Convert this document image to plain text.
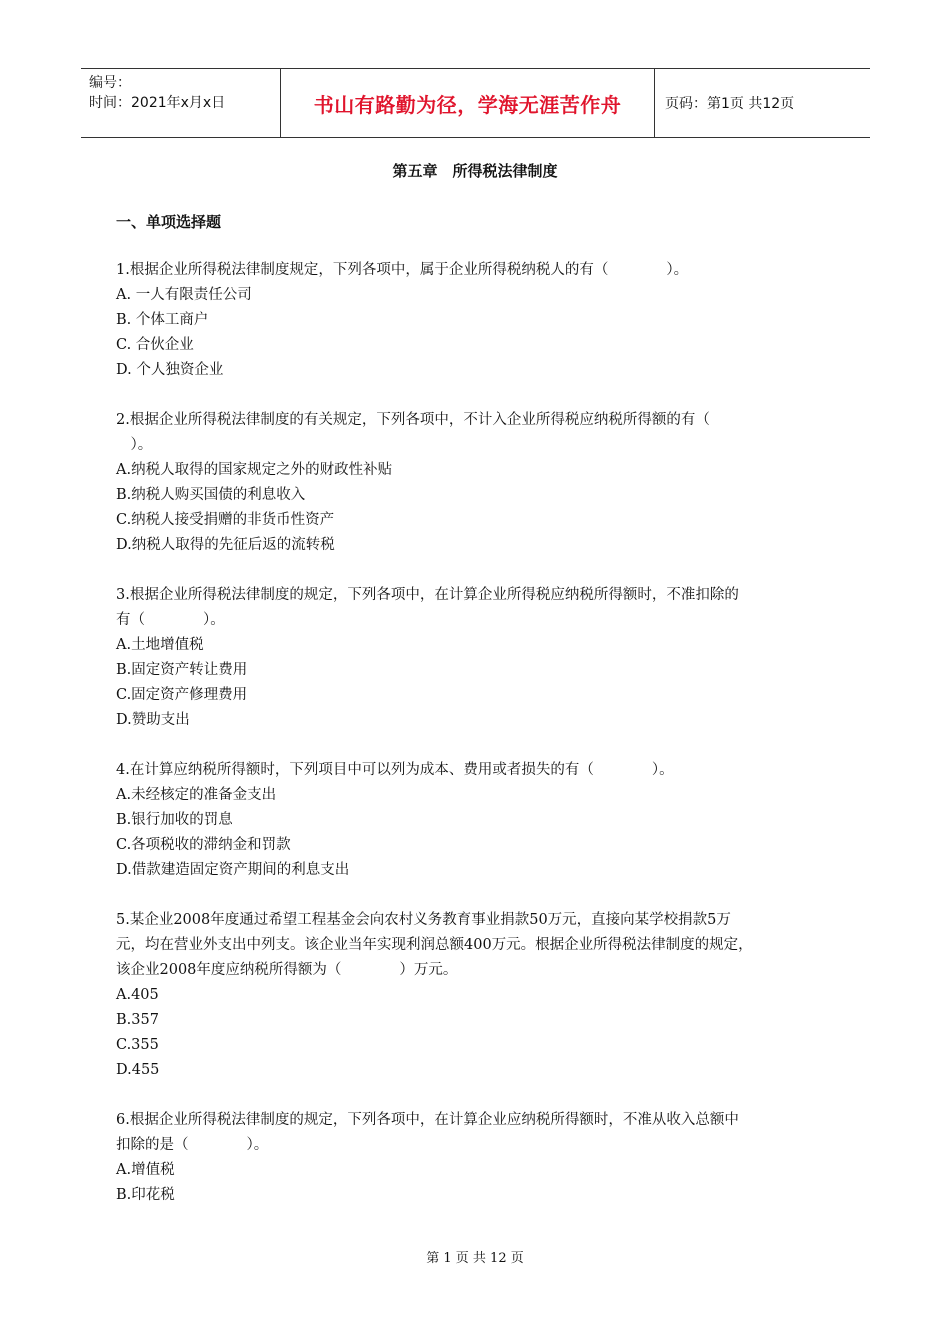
编号：
时间：2021年x月x日	书山有路勤为径，学海无涯苦作舟	页码：第1页 共12页
第五章　所得税法律制度
一、单项选择题

1.根据企业所得税法律制度规定，下列各项中，属于企业所得税纳税人的有（　　　　）。

A. 一人有限责任公司

B. 个体工商户

C. 合伙企业

D. 个人独资企业

2.根据企业所得税法律制度的有关规定，下列各项中，不计入企业所得税应纳税所得额的有（

　）。

A.纳税人取得的国家规定之外的财政性补贴

B.纳税人购买国债的利息收入

C.纳税人接受捐赠的非货币性资产

D.纳税人取得的先征后返的流转税

3.根据企业所得税法律制度的规定，下列各项中，在计算企业所得税应纳税所得额时，不准扣除的

有（　　　　）。

A.土地增值税

B.固定资产转让费用

C.固定资产修理费用

D.赞助支出

4.在计算应纳税所得额时，下列项目中可以列为成本、费用或者损失的有（　　　　）。

A.未经核定的准备金支出

B.银行加收的罚息

C.各项税收的滞纳金和罚款

D.借款建造固定资产期间的利息支出

5.某企业2008年度通过希望工程基金会向农村义务教育事业捐款50万元，直接向某学校捐款5万

元，均在营业外支出中列支。该企业当年实现利润总额400万元。根据企业所得税法律制度的规定，

该企业2008年度应纳税所得额为（　　　　）万元。

A.405

B.357

C.355

D.455

6.根据企业所得税法律制度的规定，下列各项中，在计算企业应纳税所得额时，不准从收入总额中

扣除的是（　　　　）。

A.增值税

B.印花税

第 1 页 共 12 页
